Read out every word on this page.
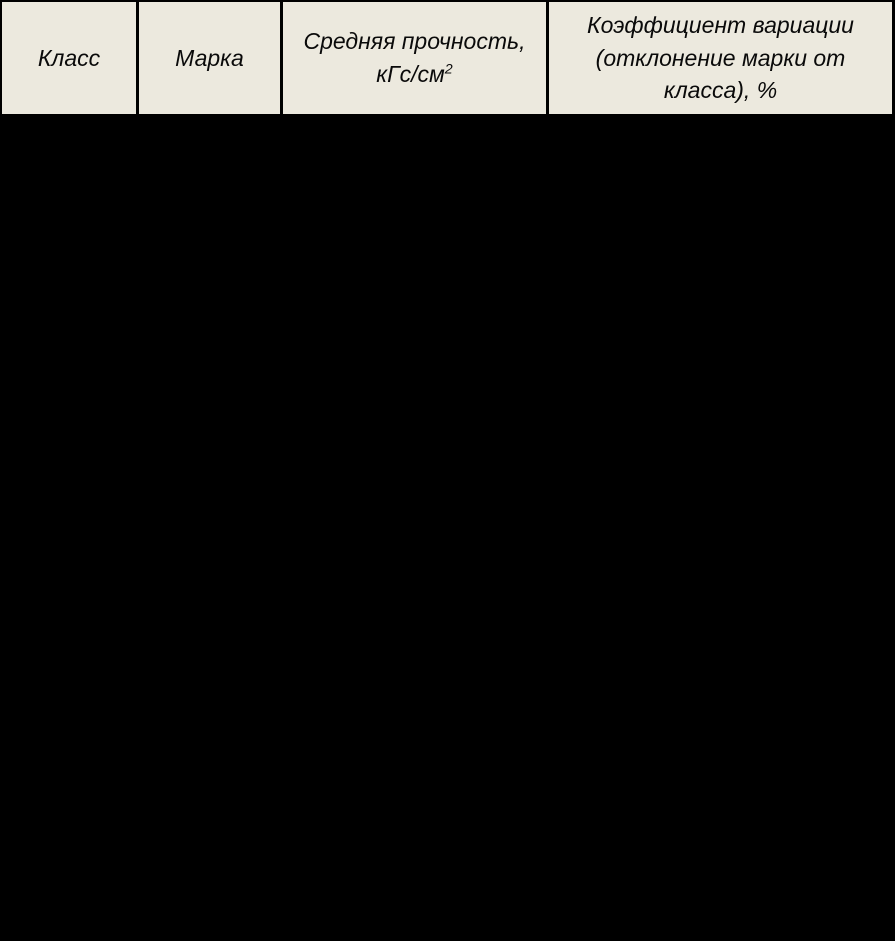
Класс	Марка
Средняя прочность,
кГс/$см^2$
Коэффициент вариации (отклонение марки от класса), %
